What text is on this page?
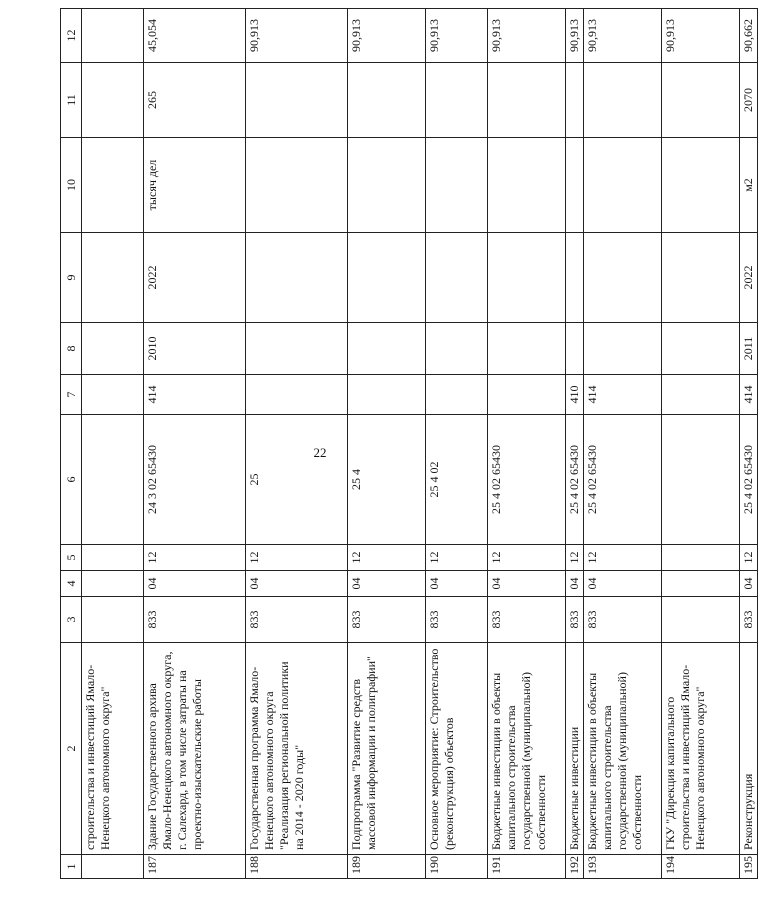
22
1	2	3	4	5	6	7	8	9	10	11	12
	строительства и инвестиций Ямало-Ненецкого автономного округа"										
187	Здание Государственного архива Ямало-Ненецкого автономного округа, г. Салехард, в том числе затраты на проектно-изыскательские работы	833	04	12	24 3 02 65430	414	2010	2022	тысяч дел	265	45,054
188	Государственная программа Ямало-Ненецкого автономного округа "Реализация региональной политики на 2014 - 2020 годы"	833	04	12	25						90,913
189	Подпрограмма "Развитие средств массовой информации и полиграфии"	833	04	12	25 4						90,913
190	Основное мероприятие: Строительство (реконструкция) объектов	833	04	12	25 4 02						90,913
191	Бюджетные инвестиции в объекты капитального строительства государственной (муниципальной) собственности	833	04	12	25 4 02 65430						90,913
192	Бюджетные инвестиции	833	04	12	25 4 02 65430	410					90,913
193	Бюджетные инвестиции в объекты капитального строительства государственной (муниципальной) собственности	833	04	12	25 4 02 65430	414					90,913
194	ГКУ "Дирекция капитального строительства и инвестиций Ямало-Ненецкого автономного округа"										90,913
195	Реконструкция	833	04	12	25 4 02 65430	414	2011	2022	м2	2070	90,662
